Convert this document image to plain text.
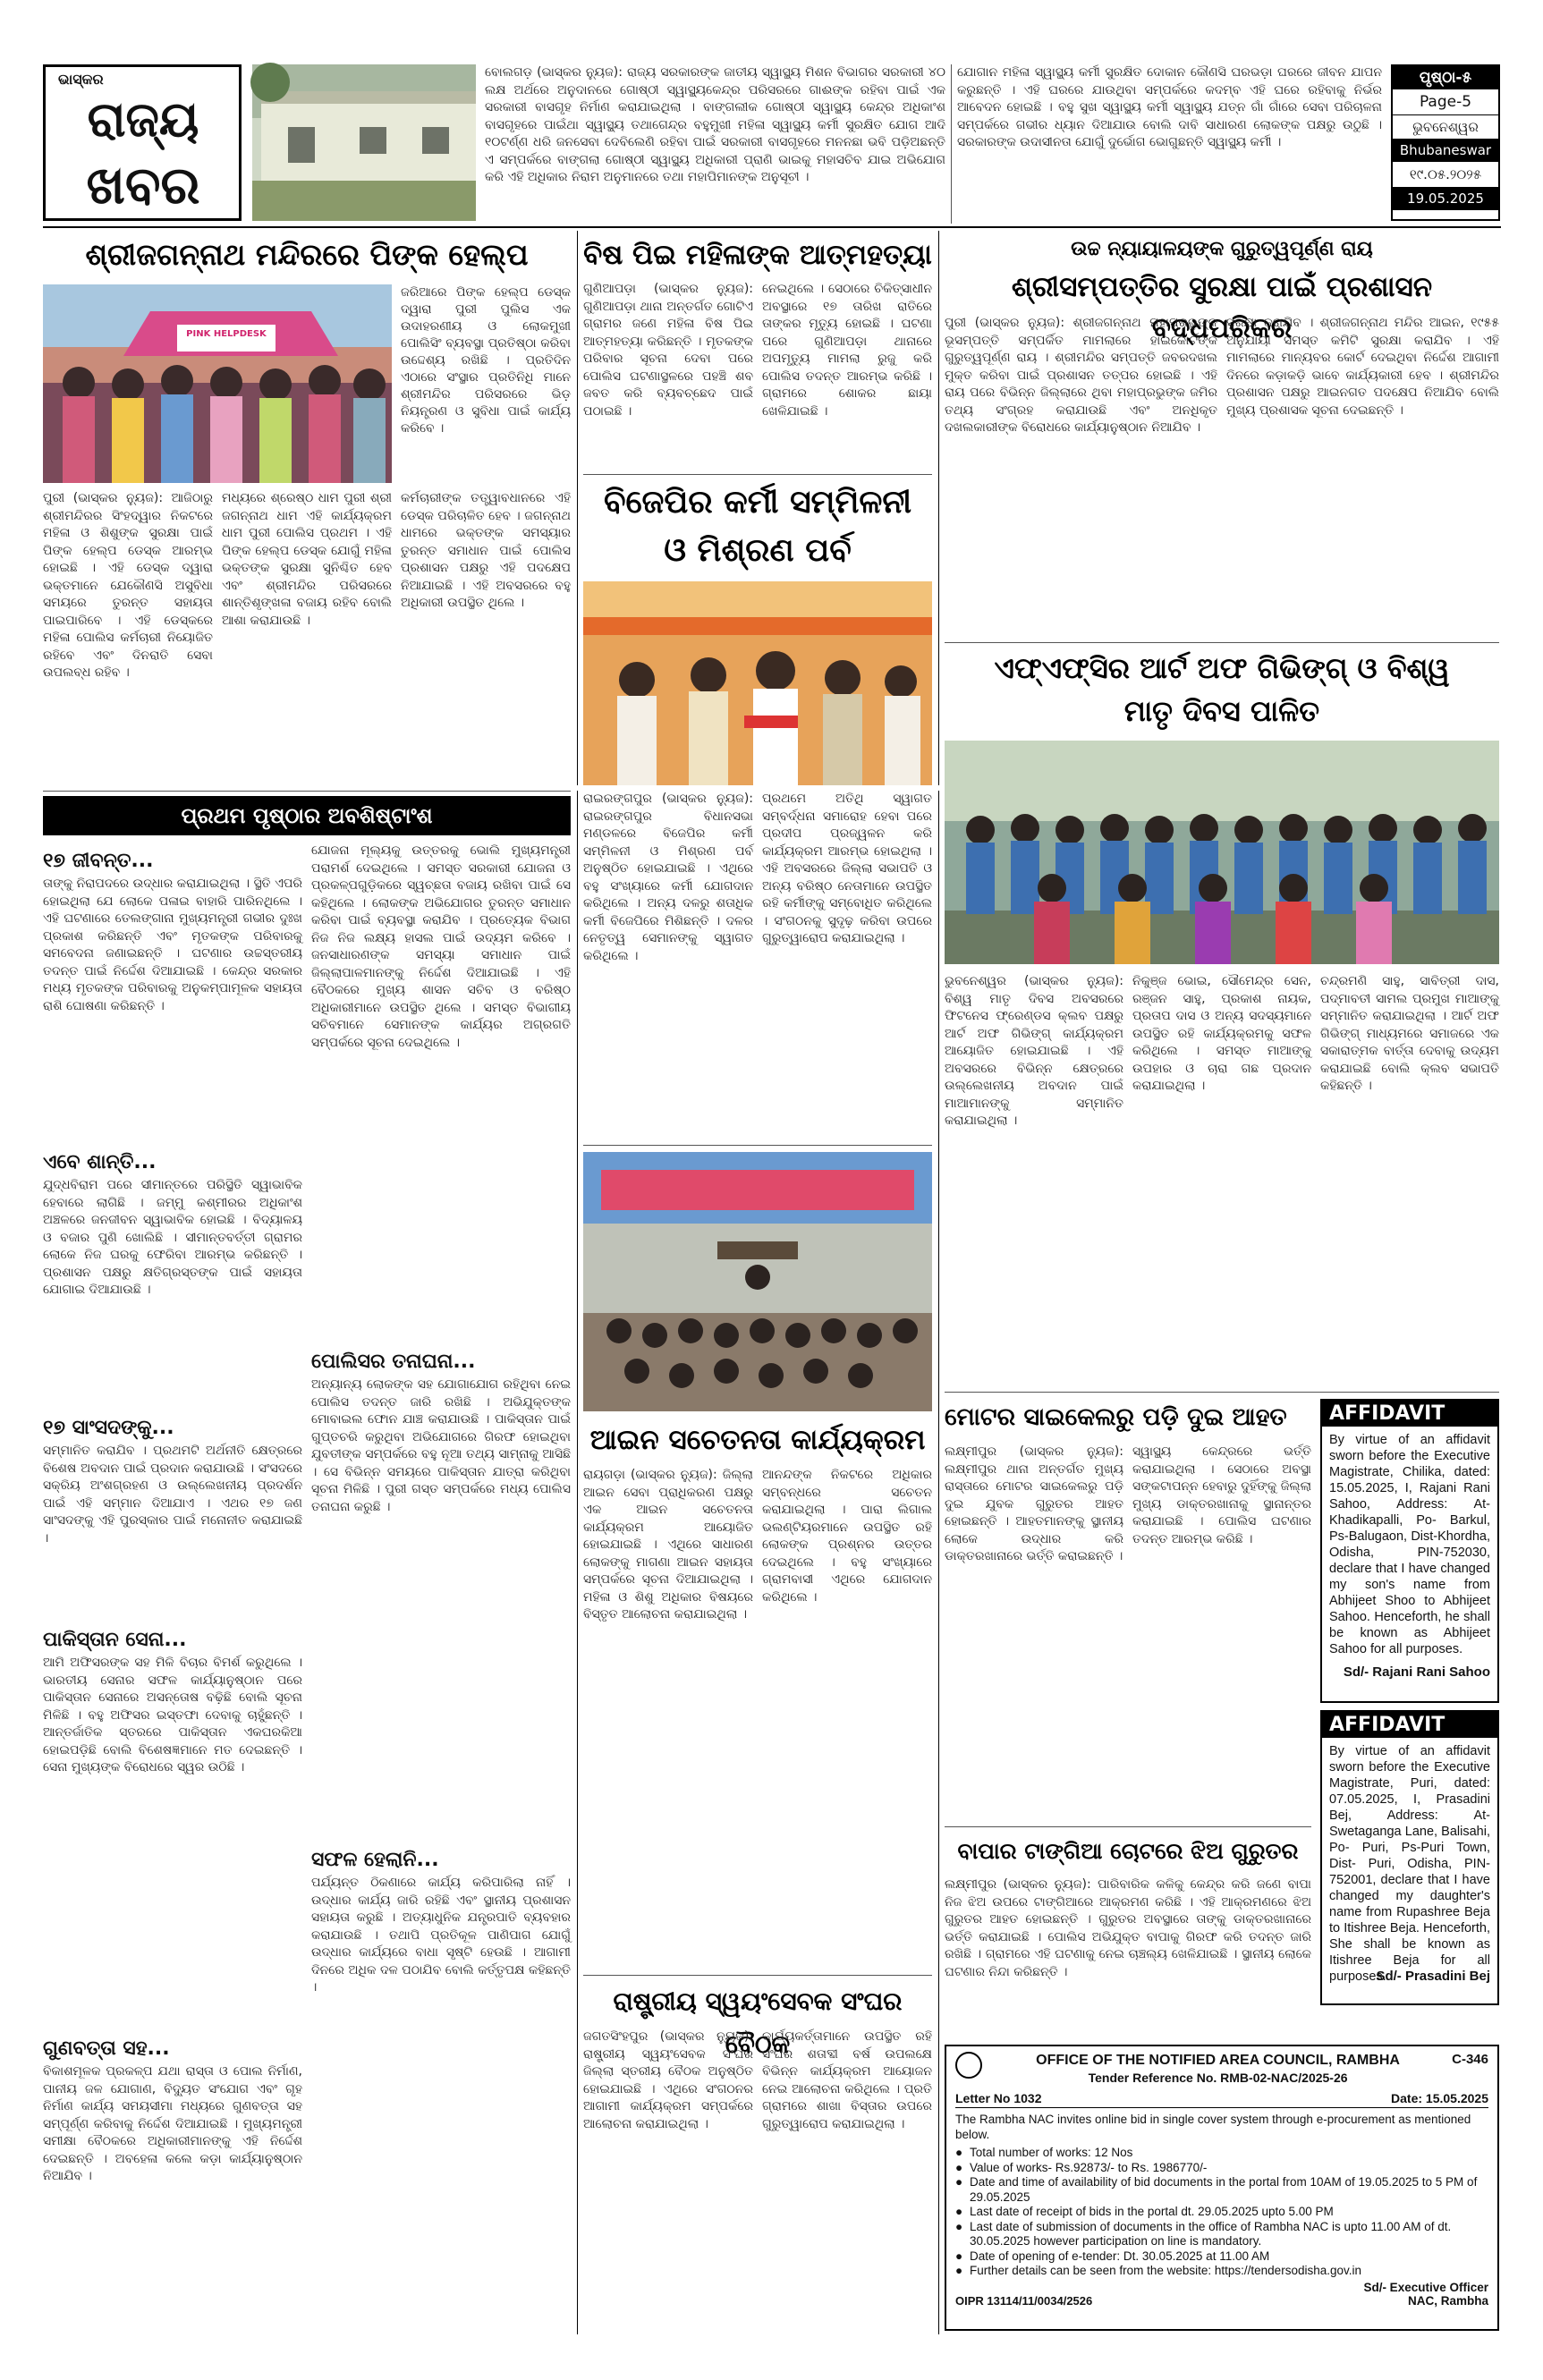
ଭାସ୍କର
ରାଜ୍ୟ
ଖବର
ବୋଲଗଡ଼ (ଭାସ୍କର ନ୍ୟୁଜ): ରାଜ୍ୟ ସରକାରଙ୍କ ଜାତୀୟ ସ୍ୱାସ୍ଥ୍ୟ ମିଶନ ବିଭାଗର ସରକାରୀ ୪୦ ଲକ୍ଷ ଅର୍ଥରେ ଅନୁଦାନରେ ଗୋଷ୍ଠୀ ସ୍ୱାସ୍ଥ୍ୟକେନ୍ଦ୍ର ପରିସରରେ ଗାଈଙ୍କ ରହିବା ପାଇଁ ଏକ ସରକାରୀ ବାସଗୃହ ନିର୍ମାଣ କରାଯାଇଥିଲା । ବାଙ୍ଗଲୀକ ଗୋଷ୍ଠୀ ସ୍ୱାସ୍ଥ୍ୟ କେନ୍ଦ୍ର ଅଧିକାଂଶ ବାସଗୃହରେ ପାଇଁଥା ସ୍ୱାସ୍ଥ୍ୟ ତଥାଗେନ୍ଦ୍ର ବହୁମୁଖୀ ମହିଳା ସ୍ୱାସ୍ଥ୍ୟ କର୍ମୀ ସୁରକ୍ଷିତ ଯୋଗ ଆଦି ୧୦ଟର୍ଣ୍ଣ ଧରି ଜନସେବା ଦେବିଲେଣି ରହିବା ପାଇଁ ସରକାରୀ ବାସଗୃହରେ ମନନଛା ଭବି ପଡ଼ିଅଛନ୍ତି ଏ ସମ୍ପର୍କରେ ବାଙ୍ଗଲା ଗୋଷ୍ଠୀ ସ୍ୱାସ୍ଥ୍ୟ ଅଧିକାରୀ ପ୍ରାଣି ଭାଇକୁ ମହାସଚିବ ଯାଇ ଅଭିଯୋଗ କରି ଏହି ଅଧିକାର ନିରାମ ଅନୁମାନରେ ତଥା ମହାପିମାନଙ୍କ ଅନୁସୂଚୀ ।
ଯୋଗାନ ମହିଳା ସ୍ୱାସ୍ଥ୍ୟ କର୍ମୀ ସୁରକ୍ଷିତ ଦୋକାନ କୌଣସି ଘରଭଡ଼ା ଘରରେ ଜୀବନ ଯାପନ କରୁଛନ୍ତି । ଏହି ଘରରେ ଯାଉଥିବା ସମ୍ପର୍କରେ କଦମ୍ବ ଏହି ଘରେ ରହିବାକୁ ନିର୍ଭର ଆବେଦନ ହୋଇଛି । ବହୁ ସୁଖ ସ୍ୱାସ୍ଥ୍ୟ କର୍ମୀ ସ୍ୱାସ୍ଥ୍ୟ ଯତ୍ନ ଗାଁ ଗାଁରେ ସେବା ପରିଚାଳନା ସମ୍ପର୍କରେ ଗଭୀର ଧ୍ୟାନ ଦିଆଯାଉ ବୋଲି ଦାବି ସାଧାରଣ ଲୋକଙ୍କ ପକ୍ଷରୁ ଉଠୁଛି । ସରକାରଙ୍କ ଉଦାସୀନତା ଯୋଗୁଁ ଦୁର୍ଭୋଗ ଭୋଗୁଛନ୍ତି ସ୍ୱାସ୍ଥ୍ୟ କର୍ମୀ ।
ପୃଷ୍ଠା-୫
Page-5
ଭୁବନେଶ୍ୱର
Bhubaneswar
୧୯.୦୫.୨୦୨୫
19.05.2025
ଶ୍ରୀଜଗନ୍ନାଥ ମନ୍ଦିରରେ ପିଙ୍କ ହେଲ୍ପ
PINK HELPDESK
ଜରିଆରେ ପିଙ୍କ ହେଲ୍ପ ଡେସ୍କ ଦ୍ୱାରା ପୁରୀ ପୁଲିସ ଏକ ଉଦାହରଣୀୟ ଓ ଲୋକମୁଖୀ ପୋଲିସିଂ ବ୍ୟବସ୍ଥା ପ୍ରତିଷ୍ଠା କରିବା ଉଦ୍ଦେଶ୍ୟ ରଖିଛି । ପ୍ରତିଦିନ ଏଠାରେ ସଂସ୍ଥାର ପ୍ରତିନିଧି ମାନେ ଶ୍ରୀମନ୍ଦିର ପରିସରରେ ଭିଡ଼ ନିୟନ୍ତ୍ରଣ ଓ ସୁବିଧା ପାଇଁ କାର୍ଯ୍ୟ କରିବେ ।
ପୁରୀ (ଭାସ୍କର ନ୍ୟୁଜ): ଆଜିଠାରୁ ଶ୍ରୀମନ୍ଦିରର ସିଂହଦ୍ୱାର ନିକଟରେ ମହିଳା ଓ ଶିଶୁଙ୍କ ସୁରକ୍ଷା ପାଇଁ ପିଙ୍କ ହେଲ୍ପ ଡେସ୍କ ଆରମ୍ଭ ହୋଇଛି । ଏହି ଡେସ୍କ ଦ୍ୱାରା ଭକ୍ତମାନେ ଯେକୌଣସି ଅସୁବିଧା ସମୟରେ ତୁରନ୍ତ ସହାୟତା ପାଇପାରିବେ । ଏହି ଡେସ୍କରେ ମହିଳା ପୋଲିସ କର୍ମଚାରୀ ନିୟୋଜିତ ରହିବେ ଏବଂ ଦିନରାତି ସେବା ଉପଲବ୍ଧ ରହିବ ।
ମଧ୍ୟରେ ଶ୍ରେଷ୍ଠ ଧାମ ପୁରୀ ଶ୍ରୀ ଜଗନ୍ନାଥ ଧାମ ଏହି କାର୍ଯ୍ୟକ୍ରମ ଧାମ ପୁରୀ ପୋଲିସ ପ୍ରଥମ । ଏହି ପିଙ୍କ ହେଲ୍ପ ଡେସ୍କ ଯୋଗୁଁ ମହିଳା ଭକ୍ତଙ୍କ ସୁରକ୍ଷା ସୁନିଶ୍ଚିତ ହେବ ଏବଂ ଶ୍ରୀମନ୍ଦିର ପରିସରରେ ଶାନ୍ତିଶୃଙ୍ଖଳା ବଜାୟ ରହିବ ବୋଲି ଆଶା କରାଯାଉଛି ।
କର୍ମଚାରୀଙ୍କ ତତ୍ତ୍ୱାବଧାନରେ ଏହି ଡେସ୍କ ପରିଚାଳିତ ହେବ । ଜଗନ୍ନାଥ ଧାମରେ ଭକ୍ତଙ୍କ ସମସ୍ୟାର ତୁରନ୍ତ ସମାଧାନ ପାଇଁ ପୋଲିସ ପ୍ରଶାସନ ପକ୍ଷରୁ ଏହି ପଦକ୍ଷେପ ନିଆଯାଇଛି । ଏହି ଅବସରରେ ବହୁ ଅଧିକାରୀ ଉପସ୍ଥିତ ଥିଲେ ।
ବିଷ ପିଇ ମହିଳାଙ୍କ ଆତ୍ମହତ୍ୟା
ଗୁଣିଆପଡ଼ା (ଭାସ୍କର ନ୍ୟୁଜ): ଗୁଣିଆପଡ଼ା ଥାନା ଅନ୍ତର୍ଗତ ଗୋଟିଏ ଗ୍ରାମର ଜଣେ ମହିଳା ବିଷ ପିଇ ଆତ୍ମହତ୍ୟା କରିଛନ୍ତି । ମୃତକଙ୍କ ପରିବାର ସୂଚନା ଦେବା ପରେ ପୋଲିସ ଘଟଣାସ୍ଥଳରେ ପହଞ୍ଚି ଶବ ଜବତ କରି ବ୍ୟବଚ୍ଛେଦ ପାଇଁ ପଠାଇଛି ।
ନେଇଥିଲେ । ସେଠାରେ ଚିକିତ୍ସାଧୀନ ଅବସ୍ଥାରେ ୧୭ ତାରିଖ ରାତିରେ ତାଙ୍କର ମୃତ୍ୟୁ ହୋଇଛି । ଘଟଣା ପରେ ଗୁଣିଆପଡ଼ା ଥାନାରେ ଅପମୃତ୍ୟୁ ମାମଲା ରୁଜୁ କରି ପୋଲିସ ତଦନ୍ତ ଆରମ୍ଭ କରିଛି । ଗ୍ରାମରେ ଶୋକର ଛାୟା ଖେଳିଯାଇଛି ।
ବିଜେପିର କର୍ମୀ ସମ୍ମିଳନୀ
ଓ ମିଶ୍ରଣ ପର୍ବ
ଉଚ୍ଚ ନ୍ୟାୟାଳୟଙ୍କ ଗୁରୁତ୍ୱପୂର୍ଣ୍ଣ ରାୟ
ଶ୍ରୀସମ୍ପତ୍ତିର ସୁରକ୍ଷା ପାଇଁ ପ୍ରଶାସନ ବଦ୍ଧପରିକର
ପୁରୀ (ଭାସ୍କର ନ୍ୟୁଜ): ଶ୍ରୀଜଗନ୍ନାଥ ମହାପ୍ରଭୁଙ୍କ ଭୂସମ୍ପତ୍ତି ସମ୍ପର୍କିତ ମାମଲାରେ ହାଇକୋର୍ଟଙ୍କ ଗୁରୁତ୍ୱପୂର୍ଣ୍ଣ ରାୟ । ଶ୍ରୀମନ୍ଦିର ସମ୍ପତ୍ତି ଜବରଦଖଲ ମୁକ୍ତ କରିବା ପାଇଁ ପ୍ରଶାସନ ତତ୍ପର ହୋଇଛି । ଏହି ରାୟ ପରେ ବିଭିନ୍ନ ଜିଲ୍ଲାରେ ଥିବା ମହାପ୍ରଭୁଙ୍କ ଜମିର ତଥ୍ୟ ସଂଗ୍ରହ କରାଯାଉଛି ଏବଂ ଅନଧିକୃତ ଦଖଲକାରୀଙ୍କ ବିରୋଧରେ କାର୍ଯ୍ୟାନୁଷ୍ଠାନ ନିଆଯିବ ।
ସୁରକ୍ଷା କରାଯିବ । ଶ୍ରୀଜଗନ୍ନାଥ ମନ୍ଦିର ଆଇନ, ୧୯୫୫ ଅନୁଯାୟୀ ସମସ୍ତ କମିଟି ସୁରକ୍ଷା କରାଯିବ । ଏହି ମାମଲାରେ ମାନ୍ୟବର କୋର୍ଟ ଦେଇଥିବା ନିର୍ଦ୍ଦେଶ ଆଗାମୀ ଦିନରେ କଡ଼ାକଡ଼ି ଭାବେ କାର୍ଯ୍ୟକାରୀ ହେବ । ଶ୍ରୀମନ୍ଦିର ପ୍ରଶାସନ ପକ୍ଷରୁ ଆଇନଗତ ପଦକ୍ଷେପ ନିଆଯିବ ବୋଲି ମୁଖ୍ୟ ପ୍ରଶାସକ ସୂଚନା ଦେଇଛନ୍ତି ।
ଏଫ୍‌ଏଫ୍‌ସିର ଆର୍ଟ ଅଫ ଗିଭିଙ୍ଗ୍ ଓ ବିଶ୍ୱ
ମାତୃ ଦିବସ ପାଳିତ
ଭୁବନେଶ୍ୱର (ଭାସ୍କର ନ୍ୟୁଜ): ବିଶ୍ୱ ମାତୃ ଦିବସ ଅବସରରେ ଫିଟନେସ ଫ୍ରେଣ୍ଡସ କ୍ଲବ ପକ୍ଷରୁ ଆର୍ଟ ଅଫ ଗିଭିଙ୍ଗ୍ କାର୍ଯ୍ୟକ୍ରମ ଆୟୋଜିତ ହୋଇଯାଇଛି । ଏହି ଅବସରରେ ବିଭିନ୍ନ କ୍ଷେତ୍ରରେ ଉଲ୍ଲେଖନୀୟ ଅବଦାନ ପାଇଁ ମାଆମାନଙ୍କୁ ସମ୍ମାନିତ କରାଯାଇଥିଲା ।
ନିକୁଞ୍ଜ ଭୋଇ, ସୌମେନ୍ଦ୍ର ସେନ, ରଞ୍ଜନ ସାହୁ, ପ୍ରକାଶ ନାୟକ, ପ୍ରତାପ ଦାସ ଓ ଅନ୍ୟ ସଦସ୍ୟମାନେ ଉପସ୍ଥିତ ରହି କାର୍ଯ୍ୟକ୍ରମକୁ ସଫଳ କରିଥିଲେ । ସମସ୍ତ ମାଆଙ୍କୁ ଉପହାର ଓ ଚାରା ଗଛ ପ୍ରଦାନ କରାଯାଇଥିଲା ।
ଚନ୍ଦ୍ରମଣି ସାହୁ, ସାବିତ୍ରୀ ଦାସ, ପଦ୍ମାବତୀ ସାମଲ ପ୍ରମୁଖ ମାଆଙ୍କୁ ସମ୍ମାନିତ କରାଯାଇଥିଲା । ଆର୍ଟ ଅଫ ଗିଭିଙ୍ଗ୍ ମାଧ୍ୟମରେ ସମାଜରେ ଏକ ସକାରାତ୍ମକ ବାର୍ତ୍ତା ଦେବାକୁ ଉଦ୍ୟମ କରାଯାଇଛି ବୋଲି କ୍ଲବ ସଭାପତି କହିଛନ୍ତି ।
ରାଇରଙ୍ଗପୁର (ଭାସ୍କର ନ୍ୟୁଜ): ରାଇରଙ୍ଗପୁର ବିଧାନସଭା ମଣ୍ଡଳରେ ବିଜେପିର କର୍ମୀ ସମ୍ମିଳନୀ ଓ ମିଶ୍ରଣ ପର୍ବ ଅନୁଷ୍ଠିତ ହୋଇଯାଇଛି । ଏଥିରେ ବହୁ ସଂଖ୍ୟାରେ କର୍ମୀ ଯୋଗଦାନ କରିଥିଲେ । ଅନ୍ୟ ଦଳରୁ ଶତାଧିକ କର୍ମୀ ବିଜେପିରେ ମିଶିଛନ୍ତି । ଦଳର ନେତୃତ୍ୱ ସେମାନଙ୍କୁ ସ୍ୱାଗତ କରିଥିଲେ ।
ପ୍ରଥମେ ଅତିଥି ସ୍ୱାଗତ ସମ୍ବର୍ଦ୍ଧନା ସମାରୋହ ହେବା ପରେ ପ୍ରଦୀପ ପ୍ରଜ୍ୱଳନ କରି କାର୍ଯ୍ୟକ୍ରମ ଆରମ୍ଭ ହୋଇଥିଲା । ଏହି ଅବସରରେ ଜିଲ୍ଲା ସଭାପତି ଓ ଅନ୍ୟ ବରିଷ୍ଠ ନେତାମାନେ ଉପସ୍ଥିତ ରହି କର୍ମୀଙ୍କୁ ସମ୍ବୋଧିତ କରିଥିଲେ । ସଂଗଠନକୁ ସୁଦୃଢ଼ କରିବା ଉପରେ ଗୁରୁତ୍ୱାରୋପ କରାଯାଇଥିଲା ।
ପ୍ରଥମ ପୃଷ୍ଠାର ଅବଶିଷ୍ଟାଂଶ
୧୭ ଜୀବନ୍ତ...
ତାଙ୍କୁ ନିରାପଦରେ ଉଦ୍ଧାର କରାଯାଇଥିଲା । ସ୍ଥିତି ଏପରି ହୋଇଥିଲା ଯେ ଲୋକେ ପଳାଇ ବାହାରି ପାରିନଥିଲେ । ଏହି ଘଟଣାରେ ତେଲଙ୍ଗାନା ମୁଖ୍ୟମନ୍ତ୍ରୀ ଗଭୀର ଦୁଃଖ ପ୍ରକାଶ କରିଛନ୍ତି ଏବଂ ମୃତକଙ୍କ ପରିବାରକୁ ସମବେଦନା ଜଣାଇଛନ୍ତି । ଘଟଣାର ଉଚ୍ଚସ୍ତରୀୟ ତଦନ୍ତ ପାଇଁ ନିର୍ଦ୍ଦେଶ ଦିଆଯାଇଛି । କେନ୍ଦ୍ର ସରକାର ମଧ୍ୟ ମୃତକଙ୍କ ପରିବାରକୁ ଅନୁକମ୍ପାମୂଳକ ସହାୟତା ରାଶି ଘୋଷଣା କରିଛନ୍ତି ।
ଏବେ ଶାନ୍ତି...
ଯୁଦ୍ଧବିରାମ ପରେ ସୀମାନ୍ତରେ ପରିସ୍ଥିତି ସ୍ୱାଭାବିକ ହେବାରେ ଲାଗିଛି । ଜମ୍ମୁ କଶ୍ମୀରର ଅଧିକାଂଶ ଅଞ୍ଚଳରେ ଜନଜୀବନ ସ୍ୱାଭାବିକ ହୋଇଛି । ବିଦ୍ୟାଳୟ ଓ ବଜାର ପୁଣି ଖୋଲିଛି । ସୀମାନ୍ତବର୍ତ୍ତୀ ଗ୍ରାମର ଲୋକେ ନିଜ ଘରକୁ ଫେରିବା ଆରମ୍ଭ କରିଛନ୍ତି । ପ୍ରଶାସନ ପକ୍ଷରୁ କ୍ଷତିଗ୍ରସ୍ତଙ୍କ ପାଇଁ ସହାୟତା ଯୋଗାଇ ଦିଆଯାଉଛି ।
୧୭ ସାଂସଦଙ୍କୁ...
ସମ୍ମାନିତ କରାଯିବ । ପ୍ରଥମଟି ଅର୍ଥନୀତି କ୍ଷେତ୍ରରେ ବିଶେଷ ଅବଦାନ ପାଇଁ ପ୍ରଦାନ କରାଯାଉଛି । ସଂସଦରେ ସକ୍ରିୟ ଅଂଶଗ୍ରହଣ ଓ ଉଲ୍ଲେଖନୀୟ ପ୍ରଦର୍ଶନ ପାଇଁ ଏହି ସମ୍ମାନ ଦିଆଯାଏ । ଏଥର ୧୭ ଜଣ ସାଂସଦଙ୍କୁ ଏହି ପୁରସ୍କାର ପାଇଁ ମନୋନୀତ କରାଯାଇଛି ।
ପାକିସ୍ତାନ ସେନା...
ଆମି ଅଫିସରଙ୍କ ସହ ମିଳି ବିଚାର ବିମର୍ଶ କରୁଥିଲେ । ଭାରତୀୟ ସେନାର ସଫଳ କାର୍ଯ୍ୟାନୁଷ୍ଠାନ ପରେ ପାକିସ୍ତାନ ସେନାରେ ଅସନ୍ତୋଷ ବଢ଼ିଛି ବୋଲି ସୂଚନା ମିଳିଛି । ବହୁ ଅଫିସର ଇସ୍ତଫା ଦେବାକୁ ଚାହୁଁଛନ୍ତି । ଆନ୍ତର୍ଜାତିକ ସ୍ତରରେ ପାକିସ୍ତାନ ଏକଘରକିଆ ହୋଇପଡ଼ିଛି ବୋଲି ବିଶେଷଜ୍ଞମାନେ ମତ ଦେଇଛନ୍ତି । ସେନା ମୁଖ୍ୟଙ୍କ ବିରୋଧରେ ସ୍ୱର ଉଠିଛି ।
ଗୁଣବତ୍ତା ସହ...
ବିକାଶମୂଳକ ପ୍ରକଳ୍ପ ଯଥା ରାସ୍ତା ଓ ପୋଲ ନିର୍ମାଣ, ପାନୀୟ ଜଳ ଯୋଗାଣ, ବିଦ୍ୟୁତ ସଂଯୋଗ ଏବଂ ଗୃହ ନିର୍ମାଣ କାର୍ଯ୍ୟ ସମୟସୀମା ମଧ୍ୟରେ ଗୁଣବତ୍ତା ସହ ସମ୍ପୂର୍ଣ୍ଣ କରିବାକୁ ନିର୍ଦ୍ଦେଶ ଦିଆଯାଇଛି । ମୁଖ୍ୟମନ୍ତ୍ରୀ ସମୀକ୍ଷା ବୈଠକରେ ଅଧିକାରୀମାନଙ୍କୁ ଏହି ନିର୍ଦ୍ଦେଶ ଦେଇଛନ୍ତି । ଅବହେଳା କଲେ କଡ଼ା କାର୍ଯ୍ୟାନୁଷ୍ଠାନ ନିଆଯିବ ।
ଯୋଜନା ମୂଲ୍ୟକୁ ଉତ୍ତରକୁ ଭୋଲି ମୁଖ୍ୟମନ୍ତ୍ରୀ ପରାମର୍ଶ ଦେଇଥିଲେ । ସମସ୍ତ ସରକାରୀ ଯୋଜନା ଓ ପ୍ରକଳ୍ପଗୁଡ଼ିକରେ ସ୍ୱଚ୍ଛତା ବଜାୟ ରଖିବା ପାଇଁ ସେ କହିଥିଲେ । ଲୋକଙ୍କ ଅଭିଯୋଗର ତୁରନ୍ତ ସମାଧାନ କରିବା ପାଇଁ ବ୍ୟବସ୍ଥା କରାଯିବ । ପ୍ରତ୍ୟେକ ବିଭାଗ ନିଜ ନିଜ ଲକ୍ଷ୍ୟ ହାସଲ ପାଇଁ ଉଦ୍ୟମ କରିବେ । ଜନସାଧାରଣଙ୍କ ସମସ୍ୟା ସମାଧାନ ପାଇଁ ଜିଲ୍ଲାପାଳମାନଙ୍କୁ ନିର୍ଦ୍ଦେଶ ଦିଆଯାଇଛି । ଏହି ବୈଠକରେ ମୁଖ୍ୟ ଶାସନ ସଚିବ ଓ ବରିଷ୍ଠ ଅଧିକାରୀମାନେ ଉପସ୍ଥିତ ଥିଲେ । ସମସ୍ତ ବିଭାଗୀୟ ସଚିବମାନେ ସେମାନଙ୍କ କାର୍ଯ୍ୟର ଅଗ୍ରଗତି ସମ୍ପର୍କରେ ସୂଚନା ଦେଇଥିଲେ ।
ପୋଲିସର ତନାଘନା...
ଅନ୍ୟାନ୍ୟ ଲୋକଙ୍କ ସହ ଯୋଗାଯୋଗ ରହିଥିବା ନେଇ ପୋଲିସ ତଦନ୍ତ ଜାରି ରଖିଛି । ଅଭିଯୁକ୍ତଙ୍କ ମୋବାଇଲ ଫୋନ ଯାଞ୍ଚ କରାଯାଉଛି । ପାକିସ୍ତାନ ପାଇଁ ଗୁପ୍ତଚରି କରୁଥିବା ଅଭିଯୋଗରେ ଗିରଫ ହୋଇଥିବା ଯୁବତୀଙ୍କ ସମ୍ପର୍କରେ ବହୁ ନୂଆ ତଥ୍ୟ ସାମ୍ନାକୁ ଆସିଛି । ସେ ବିଭିନ୍ନ ସମୟରେ ପାକିସ୍ତାନ ଯାତ୍ରା କରିଥିବା ସୂଚନା ମିଳିଛି । ପୁରୀ ଗସ୍ତ ସମ୍ପର୍କରେ ମଧ୍ୟ ପୋଲିସ ତନାଘନା କରୁଛି ।
ସଫଳ ହେଲାନି...
ପର୍ଯ୍ୟନ୍ତ ଠିକଣାରେ କାର୍ଯ୍ୟ କରିପାରିଲା ନାହିଁ । ଉଦ୍ଧାର କାର୍ଯ୍ୟ ଜାରି ରହିଛି ଏବଂ ସ୍ଥାନୀୟ ପ୍ରଶାସନ ସହାୟତା କରୁଛି । ଅତ୍ୟାଧୁନିକ ଯନ୍ତ୍ରପାତି ବ୍ୟବହାର କରାଯାଉଛି । ତଥାପି ପ୍ରତିକୂଳ ପାଣିପାଗ ଯୋଗୁଁ ଉଦ୍ଧାର କାର୍ଯ୍ୟରେ ବାଧା ସୃଷ୍ଟି ହେଉଛି । ଆଗାମୀ ଦିନରେ ଅଧିକ ଦଳ ପଠାଯିବ ବୋଲି କର୍ତ୍ତୃପକ୍ଷ କହିଛନ୍ତି ।
ଆଇନ ସଚେତନତା କାର୍ଯ୍ୟକ୍ରମ
ରାୟଗଡ଼ା (ଭାସ୍କର ନ୍ୟୁଜ): ଜିଲ୍ଲା ଆଇନ ସେବା ପ୍ରାଧିକରଣ ପକ୍ଷରୁ ଏକ ଆଇନ ସଚେତନତା କାର୍ଯ୍ୟକ୍ରମ ଆୟୋଜିତ ହୋଇଯାଇଛି । ଏଥିରେ ସାଧାରଣ ଲୋକଙ୍କୁ ମାଗଣା ଆଇନ ସହାୟତା ସମ୍ପର୍କରେ ସୂଚନା ଦିଆଯାଇଥିଲା । ମହିଳା ଓ ଶିଶୁ ଅଧିକାର ବିଷୟରେ ବିସ୍ତୃତ ଆଲୋଚନା କରାଯାଇଥିଲା ।
ଆନନ୍ଦଙ୍କ ନିକଟରେ ଅଧିକାର ସମ୍ବନ୍ଧରେ ସଚେତନ କରାଯାଇଥିଲା । ପାରା ଲିଗାଲ ଭଲଣ୍ଟିୟରମାନେ ଉପସ୍ଥିତ ରହି ଲୋକଙ୍କ ପ୍ରଶ୍ନର ଉତ୍ତର ଦେଇଥିଲେ । ବହୁ ସଂଖ୍ୟାରେ ଗ୍ରାମବାସୀ ଏଥିରେ ଯୋଗଦାନ କରିଥିଲେ ।
ରାଷ୍ଟ୍ରୀୟ ସ୍ୱୟଂସେବକ ସଂଘର ବୈଠକ
ଜଗତସିଂହପୁର (ଭାସ୍କର ନ୍ୟୁଜ): ରାଷ୍ଟ୍ରୀୟ ସ୍ୱୟଂସେବକ ସଂଘର ଜିଲ୍ଲା ସ୍ତରୀୟ ବୈଠକ ଅନୁଷ୍ଠିତ ହୋଇଯାଇଛି । ଏଥିରେ ସଂଗଠନର ଆଗାମୀ କାର୍ଯ୍ୟକ୍ରମ ସମ୍ପର୍କରେ ଆଲୋଚନା କରାଯାଇଥିଲା ।
କାର୍ଯ୍ୟକର୍ତ୍ତାମାନେ ଉପସ୍ଥିତ ରହି ସଂଘର ଶତାବ୍ଦୀ ବର୍ଷ ଉପଲକ୍ଷେ ବିଭିନ୍ନ କାର୍ଯ୍ୟକ୍ରମ ଆୟୋଜନ ନେଇ ଆଲୋଚନା କରିଥିଲେ । ପ୍ରତି ଗ୍ରାମରେ ଶାଖା ବିସ୍ତାର ଉପରେ ଗୁରୁତ୍ୱାରୋପ କରାଯାଇଥିଲା ।
ମୋଟର ସାଇକେଲରୁ ପଡ଼ି ଦୁଇ ଆହତ
ଲକ୍ଷ୍ମୀପୁର (ଭାସ୍କର ନ୍ୟୁଜ): ଲକ୍ଷ୍ମୀପୁର ଥାନା ଅନ୍ତର୍ଗତ ମୁଖ୍ୟ ରାସ୍ତାରେ ମୋଟର ସାଇକେଲରୁ ପଡ଼ି ଦୁଇ ଯୁବକ ଗୁରୁତର ଆହତ ହୋଇଛନ୍ତି । ଆହତମାନଙ୍କୁ ସ୍ଥାନୀୟ ଲୋକେ ଉଦ୍ଧାର କରି ଡାକ୍ତରଖାନାରେ ଭର୍ତ୍ତି କରାଇଛନ୍ତି ।
ସ୍ୱାସ୍ଥ୍ୟ କେନ୍ଦ୍ରରେ ଭର୍ତ୍ତି କରାଯାଇଥିଲା । ସେଠାରେ ଅବସ୍ଥା ସଙ୍କଟାପନ୍ନ ହେବାରୁ ଦୁହିଁଙ୍କୁ ଜିଲ୍ଲା ମୁଖ୍ୟ ଡାକ୍ତରଖାନାକୁ ସ୍ଥାନାନ୍ତର କରାଯାଇଛି । ପୋଲିସ ଘଟଣାର ତଦନ୍ତ ଆରମ୍ଭ କରିଛି ।
AFFIDAVIT
By virtue of an affidavit sworn before the Executive Magistrate, Chilika, dated: 15.05.2025, I, Rajani Rani Sahoo, Address: At-Khadikapalli, Po- Barkul, Ps-Balugaon, Dist-Khordha, Odisha, PIN-752030, declare that I have changed my son's name from Abhijeet Shoo to Abhijeet Sahoo. Henceforth, he shall be known as Abhijeet Sahoo for all purposes.
Sd/- Rajani Rani Sahoo
AFFIDAVIT
By virtue of an affidavit sworn before the Executive Magistrate, Puri, dated: 07.05.2025, I, Prasadini Bej, Address: At- Swetaganga Lane, Balisahi, Po- Puri, Ps-Puri Town, Dist- Puri, Odisha, PIN-752001, declare that I have changed my daughter's name from Rupashree Beja to Itishree Beja. Henceforth, She shall be known as Itishree Beja for all purposes.
Sd/- Prasadini Bej
ବାପାର ଟାଙ୍ଗିଆ ଚୋଟରେ ଝିଅ ଗୁରୁତର
ଲକ୍ଷ୍ମୀପୁର (ଭାସ୍କର ନ୍ୟୁଜ): ପାରିବାରିକ କଳିକୁ କେନ୍ଦ୍ର କରି ଜଣେ ବାପା ନିଜ ଝିଅ ଉପରେ ଟାଙ୍ଗିଆରେ ଆକ୍ରମଣ କରିଛି । ଏହି ଆକ୍ରମଣରେ ଝିଅ ଗୁରୁତର ଆହତ ହୋଇଛନ୍ତି । ଗୁରୁତର ଅବସ୍ଥାରେ ତାଙ୍କୁ ଡାକ୍ତରଖାନାରେ ଭର୍ତ୍ତି କରାଯାଇଛି । ପୋଲିସ ଅଭିଯୁକ୍ତ ବାପାକୁ ଗିରଫ କରି ତଦନ୍ତ ଜାରି ରଖିଛି । ଗ୍ରାମରେ ଏହି ଘଟଣାକୁ ନେଇ ଚାଞ୍ଚଲ୍ୟ ଖେଳିଯାଇଛି । ସ୍ଥାନୀୟ ଲୋକେ ଘଟଣାର ନିନ୍ଦା କରିଛନ୍ତି ।
OFFICE OF THE NOTIFIED AREA COUNCIL, RAMBHA
Tender Reference No. RMB-02-NAC/2025-26
C-346
Letter No 1032	Date: 15.05.2025
The Rambha NAC invites online bid in single cover system through e-procurement as mentioned below.
● Total number of works: 12 Nos
● Value of works- Rs.92873/- to Rs. 1986770/-
● Date and time of availability of bid documents in the portal from 10AM of 19.05.2025 to 5 PM of 29.05.2025
● Last date of receipt of bids in the portal dt. 29.05.2025 upto 5.00 PM
● Last date of submission of documents in the office of Rambha NAC is upto 11.00 AM of dt. 30.05.2025 however participation on line is mandatory.
● Date of opening of e-tender: Dt. 30.05.2025 at 11.00 AM
● Further details can be seen from the website: https://tendersodisha.gov.in
OIPR 13114/11/0034/2526
Sd/- Executive Officer
NAC, Rambha
